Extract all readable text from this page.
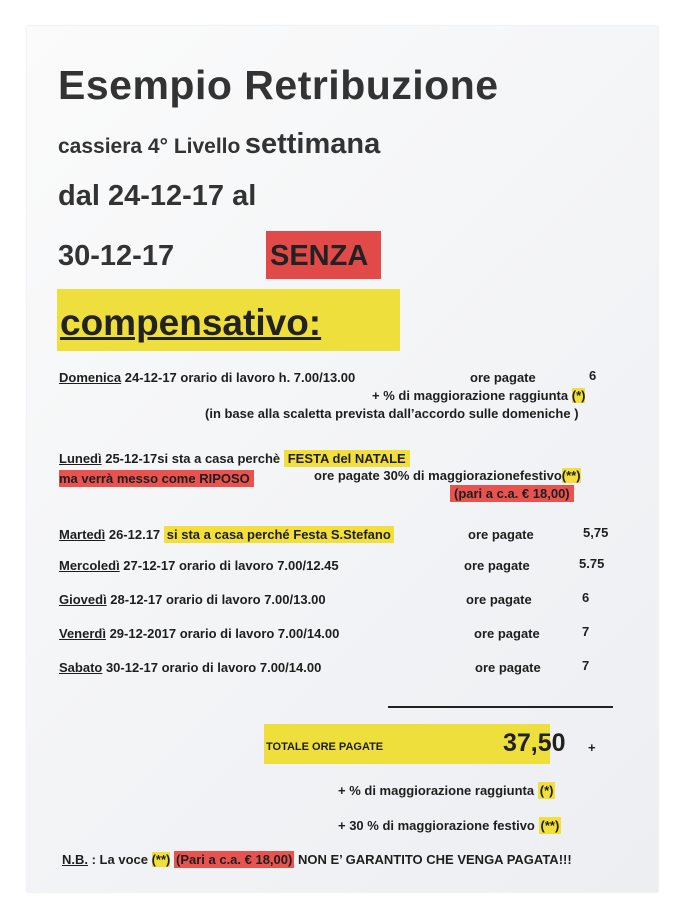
Esempio Retribuzione
cassiera 4° Livello settimana
dal 24-12-17 al
30-12-17	SENZA
compensativo:
Domenica 24-12-17 orario di lavoro h. 7.00/13.00	ore pagate	6
+ % di maggiorazione raggiunta (*)
(in base alla scaletta prevista dall’accordo sulle domeniche )
Lunedì 25-12-17si sta a casa perchè FESTA del NATALE
ma verrà messo come RIPOSO	ore pagate 30% di maggiorazionefestivo(**)
(pari a c.a. € 18,00)
Martedì 26-12.17 si sta a casa perché Festa S.Stefano	ore pagate	5,75
Mercoledì 27-12-17 orario di lavoro 7.00/12.45	ore pagate	5.75
Giovedì 28-12-17 orario di lavoro 7.00/13.00	ore pagate	6
Venerdì 29-12-2017 orario di lavoro 7.00/14.00	ore pagate	7
Sabato 30-12-17 orario di lavoro 7.00/14.00	ore pagate	7
TOTALE ORE PAGATE	37,50 +
+ % di maggiorazione raggiunta (*)
+ 30 % di maggiorazione festivo (**)
N.B. : La voce (**) (Pari a c.a. € 18,00) NON E’ GARANTITO CHE VENGA PAGATA!!!
